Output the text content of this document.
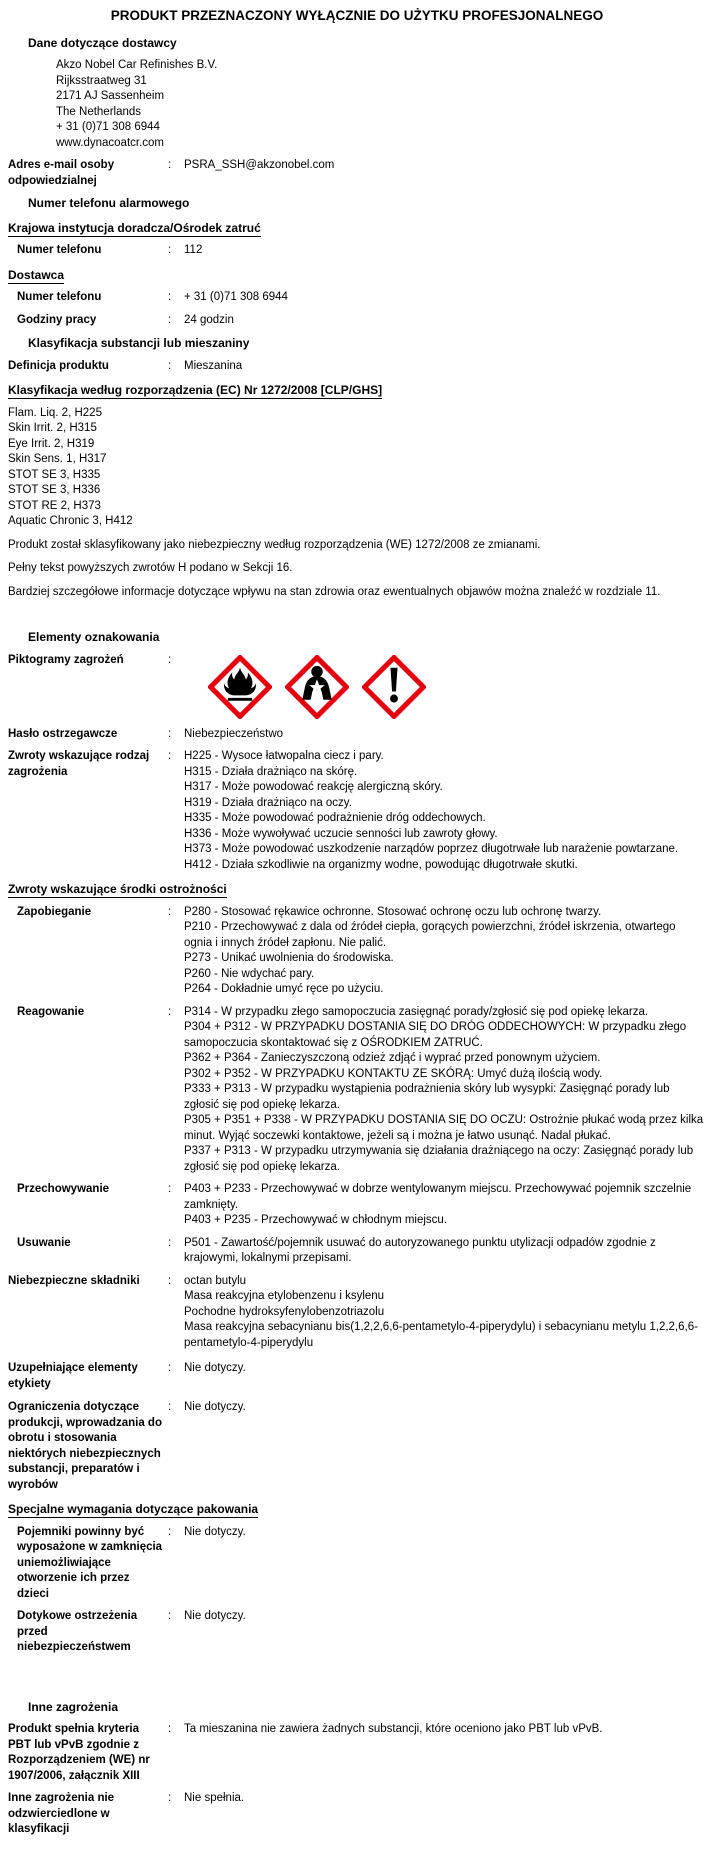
PRODUKT PRZEZNACZONY WYŁĄCZNIE DO UŻYTKU PROFESJONALNEGO
Dane dotyczące dostawcy
Akzo Nobel Car Refinishes B.V.
Rijksstraatweg 31
2171 AJ Sassenheim
The Netherlands
+ 31 (0)71 308 6944
www.dynacoatcr.com
Adres e-mail osoby odpowiedzialnej
:	PSRA_SSH@akzonobel.com
Numer telefonu alarmowego
Krajowa instytucja doradcza/Ośrodek zatruć
Numer telefonu	:	112
Dostawca
Numer telefonu	:	+ 31 (0)71 308 6944
Godziny pracy	:	24 godzin
Klasyfikacja substancji lub mieszaniny
Definicja produktu	:	Mieszanina
Klasyfikacja według rozporządzenia (EC) Nr 1272/2008 [CLP/GHS]
Flam. Liq. 2, H225
Skin Irrit. 2, H315
Eye Irrit. 2, H319
Skin Sens. 1, H317
STOT SE 3, H335
STOT SE 3, H336
STOT RE 2, H373
Aquatic Chronic 3, H412
Produkt został sklasyfikowany jako niebezpieczny według rozporządzenia (WE) 1272/2008 ze zmianami.
Pełny tekst powyższych zwrotów H podano w Sekcji 16.
Bardziej szczegółowe informacje dotyczące wpływu na stan zdrowia oraz ewentualnych objawów można znaleźć w rozdziale 11.
Elementy oznakowania
Piktogramy zagrożeń	:
Hasło ostrzegawcze	:	Niebezpieczeństwo
Zwroty wskazujące rodzaj zagrożenia
:	H225 - Wysoce łatwopalna ciecz i pary.
H315 - Działa drażniąco na skórę.
H317 - Może powodować reakcję alergiczną skóry.
H319 - Działa drażniąco na oczy.
H335 - Może powodować podrażnienie dróg oddechowych.
H336 - Może wywoływać uczucie senności lub zawroty głowy.
H373 - Może powodować uszkodzenie narządów poprzez długotrwałe lub narażenie powtarzane.
H412 - Działa szkodliwie na organizmy wodne, powodując długotrwałe skutki.
Zwroty wskazujące środki ostrożności
Zapobieganie	:	P280 - Stosować rękawice ochronne. Stosować ochronę oczu lub ochronę twarzy.
P210 - Przechowywać z dala od źródeł ciepła, gorących powierzchni, źródeł iskrzenia, otwartego ognia i innych źródeł zapłonu. Nie palić.
P273 - Unikać uwolnienia do środowiska.
P260 - Nie wdychać pary.
P264 - Dokładnie umyć ręce po użyciu.
Reagowanie	:	P314 - W przypadku złego samopoczucia zasięgnąć porady/zgłosić się pod opiekę lekarza.
P304 + P312 - W PRZYPADKU DOSTANIA SIĘ DO DRÓG ODDECHOWYCH: W przypadku złego samopoczucia skontaktować się z OŚRODKIEM ZATRUĆ.
P362 + P364 - Zanieczyszczoną odzież zdjąć i wyprać przed ponownym użyciem.
P302 + P352 - W PRZYPADKU KONTAKTU ZE SKÓRĄ: Umyć dużą ilością wody.
P333 + P313 - W przypadku wystąpienia podrażnienia skóry lub wysypki: Zasięgnąć porady lub zgłosić się pod opiekę lekarza.
P305 + P351 + P338 - W PRZYPADKU DOSTANIA SIĘ DO OCZU: Ostrożnie płukać wodą przez kilka minut. Wyjąć soczewki kontaktowe, jeżeli są i można je łatwo usunąć. Nadal płukać.
P337 + P313 - W przypadku utrzymywania się działania drażniącego na oczy: Zasięgnąć porady lub zgłosić się pod opiekę lekarza.
Przechowywanie	:	P403 + P233 - Przechowywać w dobrze wentylowanym miejscu. Przechowywać pojemnik szczelnie zamknięty.
P403 + P235 - Przechowywać w chłodnym miejscu.
Usuwanie	:	P501 - Zawartość/pojemnik usuwać do autoryzowanego punktu utylizacji odpadów zgodnie z krajowymi, lokalnymi przepisami.
Niebezpieczne składniki	:	octan butylu
Masa reakcyjna etylobenzenu i ksylenu
Pochodne hydroksyfenylobenzotriazolu
Masa reakcyjna sebacynianu bis(1,2,2,6,6-pentametylo-4-piperydylu) i sebacynianu metylu 1,2,2,6,6-pentametylo-4-piperydylu
Uzupełniające elementy etykiety
:	Nie dotyczy.
Ograniczenia dotyczące produkcji, wprowadzania do obrotu i stosowania niektórych niebezpiecznych substancji, preparatów i wyrobów
:	Nie dotyczy.
Specjalne wymagania dotyczące pakowania
Pojemniki powinny być wyposażone w zamknięcia uniemożliwiające otworzenie ich przez dzieci
:	Nie dotyczy.
Dotykowe ostrzeżenia przed niebezpieczeństwem
:	Nie dotyczy.
Inne zagrożenia
Produkt spełnia kryteria PBT lub vPvB zgodnie z Rozporządzeniem (WE) nr 1907/2006, załącznik XIII
:	Ta mieszanina nie zawiera żadnych substancji, które oceniono jako PBT lub vPvB.
Inne zagrożenia nie odzwierciedlone w klasyfikacji
:	Nie spełnia.
